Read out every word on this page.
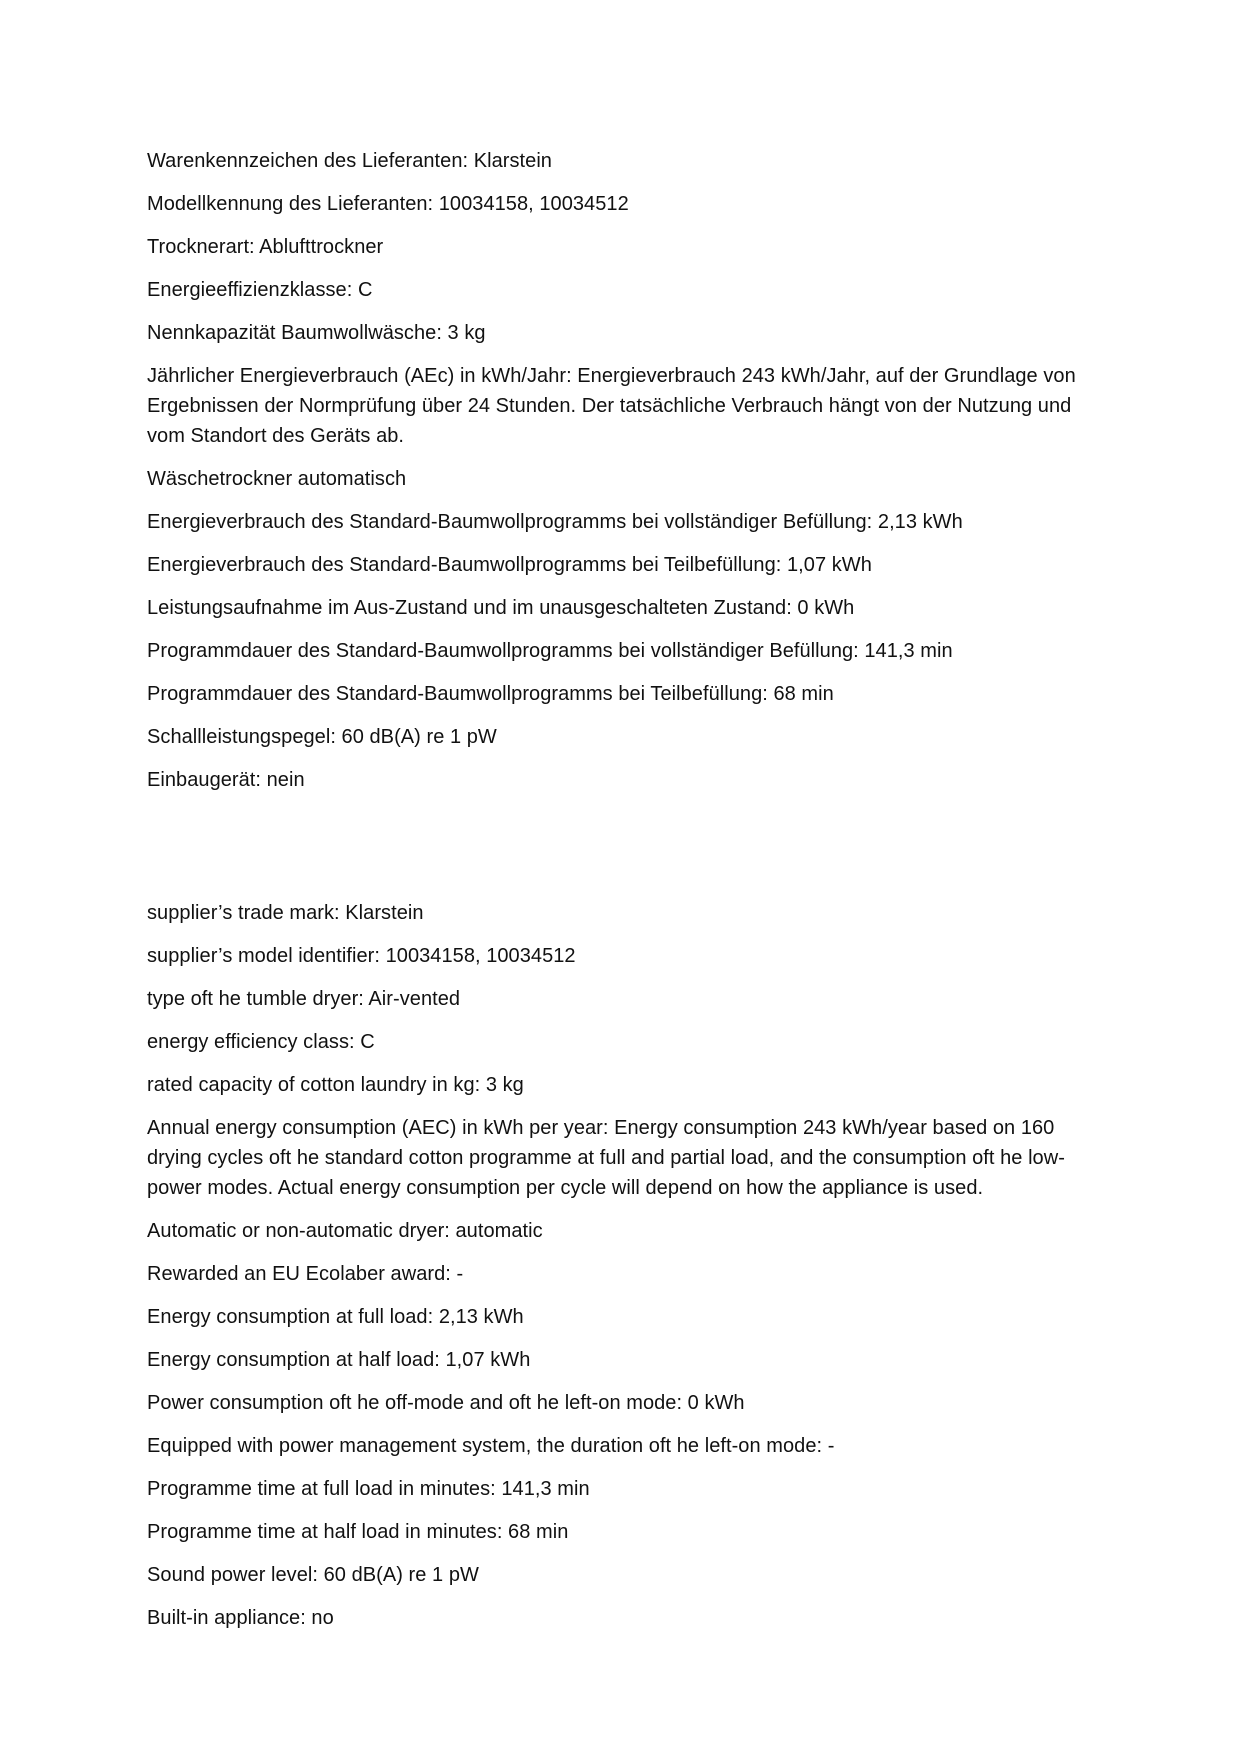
Warenkennzeichen des Lieferanten: Klarstein

Modellkennung des Lieferanten: 10034158, 10034512

Trocknerart: Ablufttrockner

Energieeffizienzklasse: C

Nennkapazität Baumwollwäsche: 3 kg

Jährlicher Energieverbrauch (AEc) in kWh/Jahr: Energieverbrauch 243 kWh/Jahr, auf der Grundlage von Ergebnissen der Normprüfung über 24 Stunden. Der tatsächliche Verbrauch hängt von der Nutzung und vom Standort des Geräts ab.

Wäschetrockner automatisch

Energieverbrauch des Standard-Baumwollprogramms bei vollständiger Befüllung: 2,13 kWh

Energieverbrauch des Standard-Baumwollprogramms bei Teilbefüllung: 1,07 kWh

Leistungsaufnahme im Aus-Zustand und im unausgeschalteten Zustand: 0 kWh

Programmdauer des Standard-Baumwollprogramms bei vollständiger Befüllung: 141,3 min

Programmdauer des Standard-Baumwollprogramms bei Teilbefüllung: 68 min

Schallleistungspegel: 60 dB(A) re 1 pW

Einbaugerät: nein

supplier’s trade mark: Klarstein

supplier’s model identifier: 10034158, 10034512

type oft he tumble dryer: Air-vented

energy efficiency class: C

rated capacity of cotton laundry in kg: 3 kg

Annual energy consumption (AEC) in kWh per year: Energy consumption 243 kWh/year based on 160 drying cycles oft he standard cotton programme at full and partial load, and the consumption oft he low-power modes. Actual energy consumption per cycle will depend on how the appliance is used.

Automatic or non-automatic dryer: automatic

Rewarded an EU Ecolaber award: -

Energy consumption at full load: 2,13 kWh

Energy consumption at half load: 1,07 kWh

Power consumption oft he off-mode and oft he left-on mode: 0 kWh

Equipped with power management system, the duration oft he left-on mode: -

Programme time at full load in minutes: 141,3 min

Programme time at half load in minutes: 68 min

Sound power level: 60 dB(A) re 1 pW

Built-in appliance: no
